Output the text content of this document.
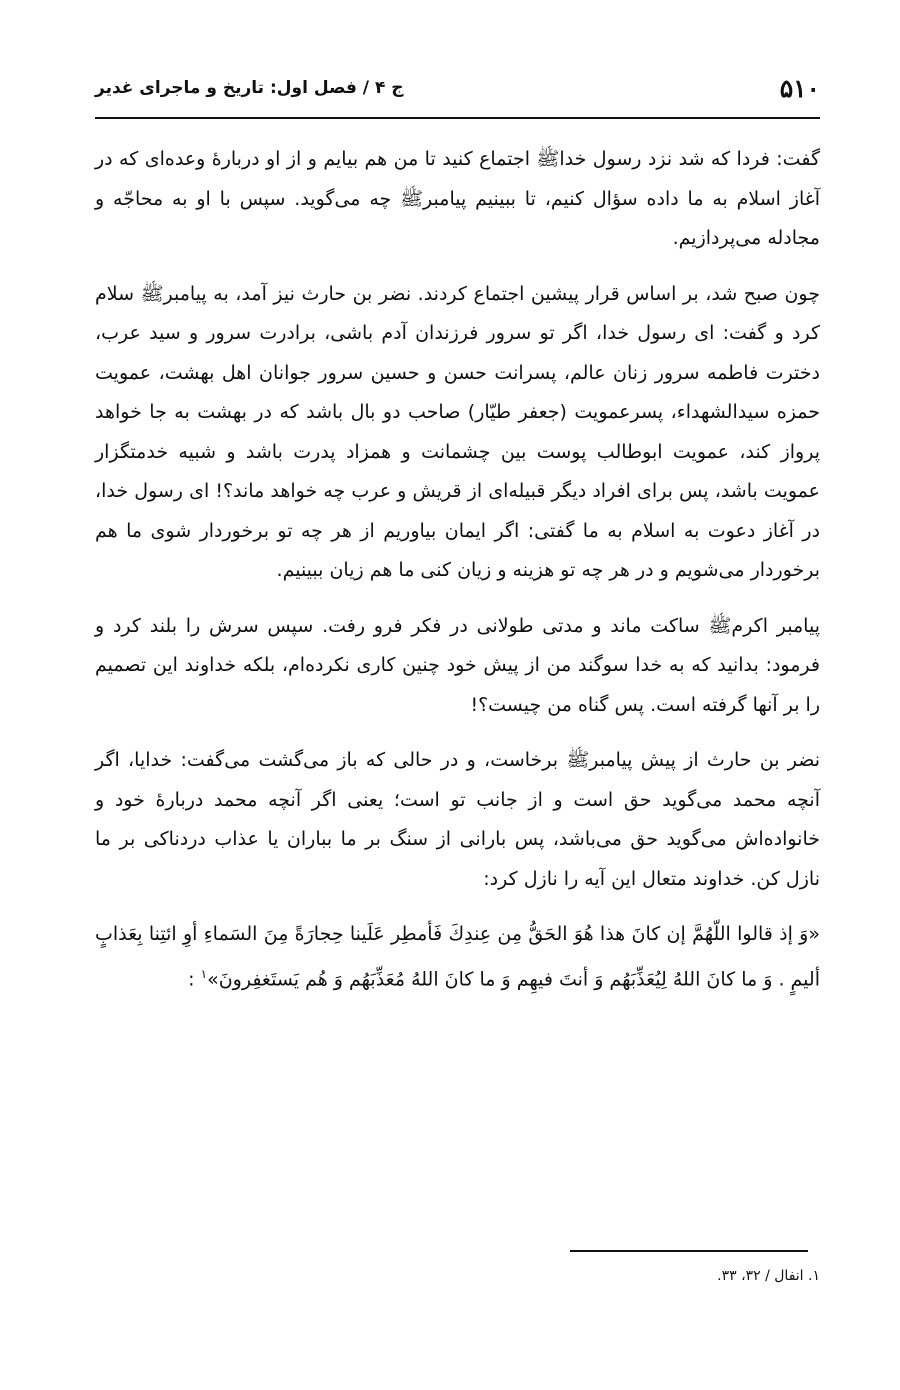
۵۱۰
ج ۴ / فصل اول: تاریخ و ماجرای غدیر

گفت: فردا که شد نزد رسول خداﷺ اجتماع کنید تا من هم بیایم و از او دربارهٔ وعده‌ای که در آغاز اسلام به ما داده سؤال کنیم، تا ببینیم پیامبرﷺ چه می‌گوید. سپس با او به محاجّه و مجادله می‌پردازیم.

چون صبح شد، بر اساس قرار پیشین اجتماع کردند. نضر بن حارث نیز آمد، به پیامبرﷺ سلام کرد و گفت: ای رسول خدا، اگر تو سرور فرزندان آدم باشی، برادرت سرور و سید عرب، دخترت فاطمه سرور زنان عالم، پسرانت حسن و حسین سرور جوانان اهل بهشت، عمویت حمزه سیدالشهداء، پسرعمویت (جعفر طیّار) صاحب دو بال باشد که در بهشت به جا خواهد پرواز کند، عمویت ابوطالب پوست بین چشمانت و همزاد پدرت باشد و شبیه خدمتگزار عمویت باشد، پس برای افراد دیگر قبیله‌ای از قریش و عرب چه خواهد ماند؟! ای رسول خدا، در آغاز دعوت به اسلام به ما گفتی: اگر ایمان بیاوریم از هر چه تو برخوردار شوی ما هم برخوردار می‌شویم و در هر چه تو هزینه و زیان کنی ما هم زیان ببینیم.

پیامبر اکرمﷺ ساکت ماند و مدتی طولانی در فکر فرو رفت. سپس سرش را بلند کرد و فرمود: بدانید که به خدا سوگند من از پیش خود چنین کاری نکرده‌ام، بلکه خداوند این تصمیم را بر آنها گرفته است. پس گناه من چیست؟!

نضر بن حارث از پیش پیامبرﷺ برخاست، و در حالی که باز می‌گشت می‌گفت: خدایا، اگر آنچه محمد می‌گوید حق است و از جانب تو است؛ یعنی اگر آنچه محمد دربارهٔ خود و خانواده‌اش می‌گوید حق می‌باشد، پس بارانی از سنگ بر ما بباران یا عذاب دردناکی بر ما نازل کن. خداوند متعال این آیه را نازل کرد:

«وَ إذ قالوا اللّهُمَّ إن كانَ هذا هُوَ الحَقُّ مِن عِندِكَ فَأمطِر عَلَينا حِجارَةً مِنَ السَماءِ أوِ ائتِنا بِعَذابٍ أليمٍ . وَ ما كانَ اللهُ لِيُعَذِّبَهُم وَ أنتَ فيهِم وَ ما كانَ اللهُ مُعَذِّبَهُم وَ هُم يَستَغفِرونَ»$^۱$ :

۱. انفال / ۳۲، ۳۳.
